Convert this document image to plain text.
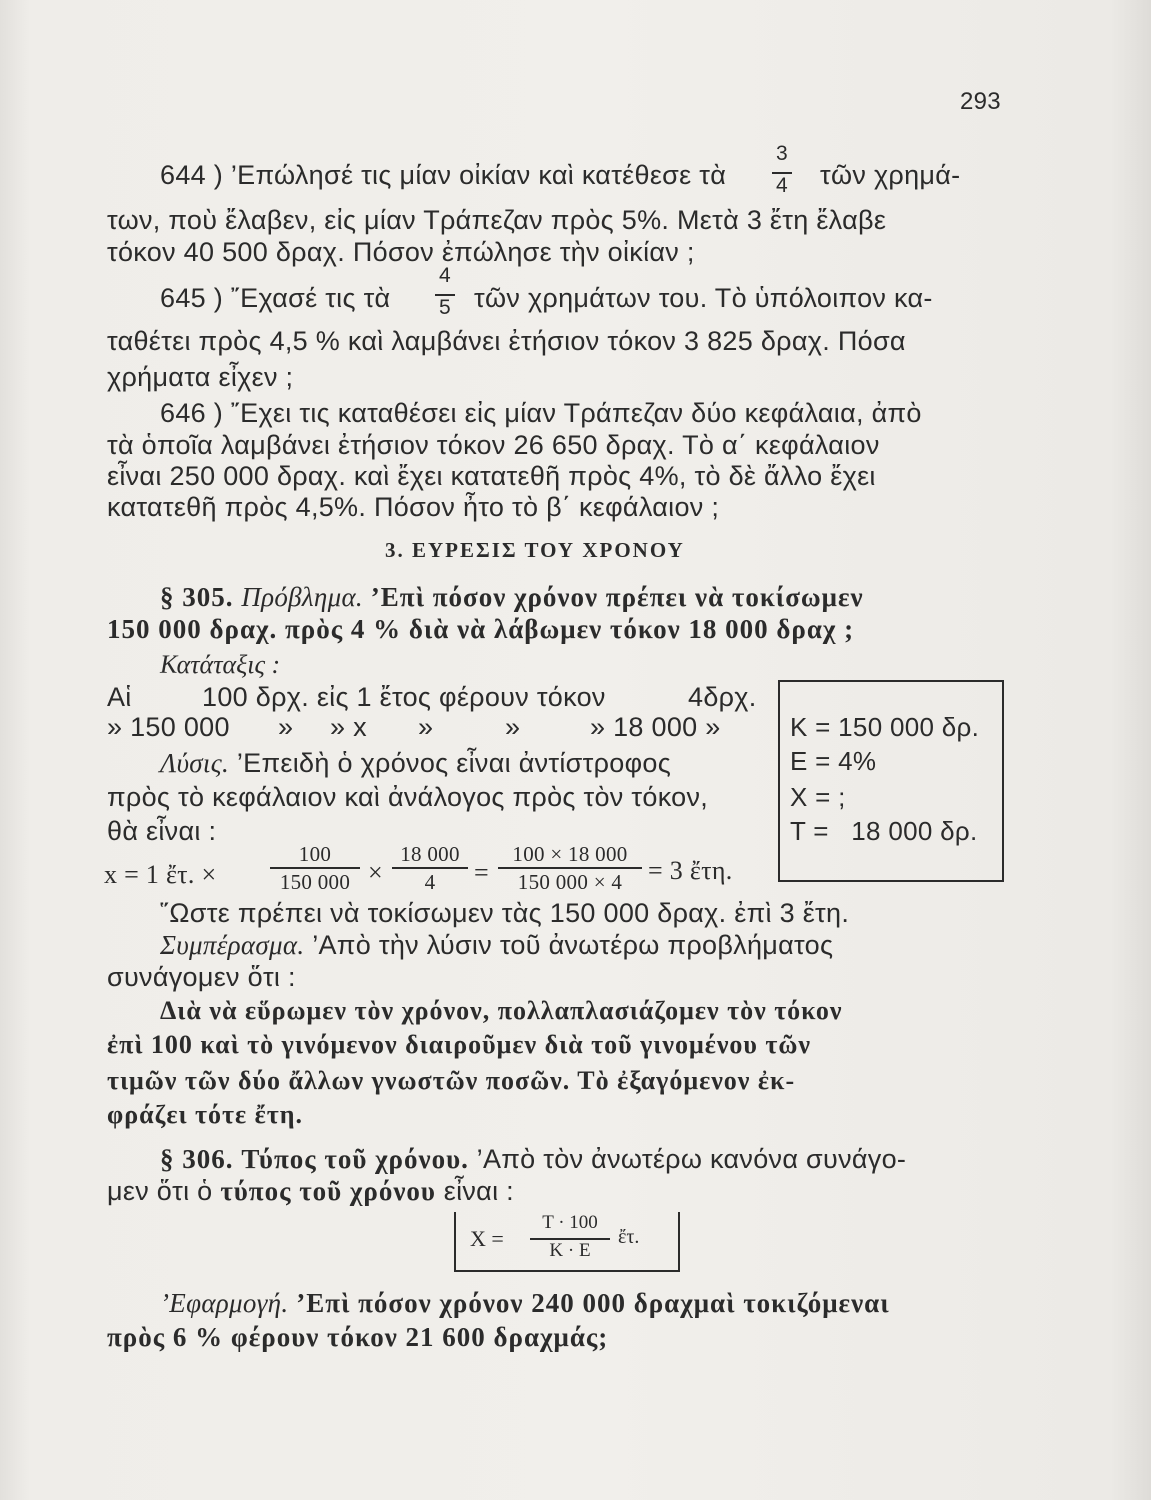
293
644 ) ’Επώλησέ τις μίαν οἰκίαν καὶ κατέθεσε τὰ
3
4 τῶν χρημά-
των, ποὺ ἔλαβεν, εἰς μίαν Τράπεζαν πρὸς 5%. Μετὰ 3 ἔτη ἔλαβε
τόκον 40 500 δραχ. Πόσον ἐπώλησε τὴν οἰκίαν ;
645 ) ῎Εχασέ τις τὰ
4
5 τῶν χρημάτων του. Τὸ ὑπόλοιπον κα-
ταθέτει πρὸς 4,5 % καὶ λαμβάνει ἐτήσιον τόκον 3 825 δραχ. Πόσα
χρήματα εἶχεν ;
646 ) ῎Εχει τις καταθέσει εἰς μίαν Τράπεζαν δύο κεφάλαια, ἀπὸ
τὰ ὁποῖα λαμβάνει ἐτήσιον τόκον 26 650 δραχ. Τὸ α΄ κεφάλαιον
εἶναι 250 000 δραχ. καὶ ἔχει κατατεθῆ πρὸς 4%, τὸ δὲ ἄλλο ἔχει
κατατεθῆ πρὸς 4,5%. Πόσον ἦτο τὸ β΄ κεφάλαιον ;
3. ΕΥΡΕΣΙΣ ΤΟΥ ΧΡΟΝΟΥ
§ 305. Πρόβλημα. ’Επὶ πόσον χρόνον πρέπει νὰ τοκίσωμεν
150 000 δραχ. πρὸς 4 % διὰ νὰ λάβωμεν τόκον 18 000 δραχ ;
Κατάταξις :
Αἱ	100 δρχ. εἰς 1 ἔτος φέρουν τόκον	4δρχ.
» 150 000 » » x »	»	» 18 000 »
Λύσις. ’Επειδὴ ὁ χρόνος εἶναι ἀντίστροφος
πρὸς τὸ κεφάλαιον καὶ ἀνάλογος πρὸς τὸν τόκον,
θὰ εἶναι :
x = 1 ἔτ. ×
100
150 000 ×
18 000
4	=
100 × 18 000
150 000 × 4 = 3 ἔτη.
Κ = 150 000 δρ.
Ε = 4%
Χ = ;
Τ =   18 000 δρ.
῞Ωστε πρέπει νὰ τοκίσωμεν τὰς 150 000 δραχ. ἐπὶ 3 ἔτη.
Συμπέρασμα. ’Απὸ τὴν λύσιν τοῦ ἀνωτέρω προβλήματος
συνάγομεν ὅτι :
Διὰ νὰ εὕρωμεν τὸν χρόνον, πολλαπλασιάζομεν τὸν τόκον
ἐπὶ 100 καὶ τὸ γινόμενον διαιροῦμεν διὰ τοῦ γινομένου τῶν
τιμῶν τῶν δύο ἄλλων γνωστῶν ποσῶν. Τὸ ἐξαγόμενον ἐκ-
φράζει τότε ἔτη.
§ 306. Τύπος τοῦ χρόνου. ’Απὸ τὸν ἀνωτέρω κανόνα συνάγο-
μεν ὅτι ὁ τύπος τοῦ χρόνου εἶναι :
Χ =
Τ · 100
Κ · Ε
ἔτ.
’Εφαρμογή. ’Επὶ πόσον χρόνον 240 000 δραχμαὶ τοκιζόμεναι
πρὸς 6 % φέρουν τόκον 21 600 δραχμάς;
